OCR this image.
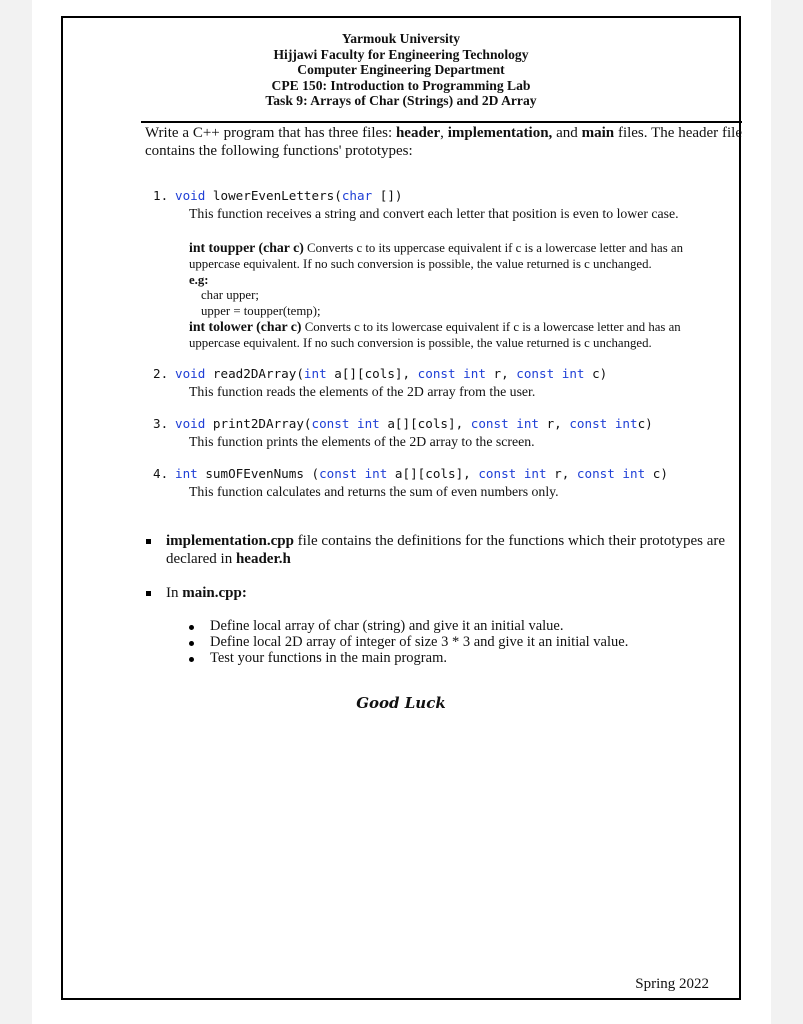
Yarmouk University
Hijjawi Faculty for Engineering Technology
Computer Engineering Department
CPE 150: Introduction to Programming Lab
Task 9: Arrays of Char (Strings) and 2D Array
Write a C++ program that has three files: header, implementation, and main files. The header file contains the following functions' prototypes:
1. void lowerEvenLetters(char [])
This function receives a string and convert each letter that position is even to lower case.
int toupper (char c) Converts c to its uppercase equivalent if c is a lowercase letter and has an uppercase equivalent. If no such conversion is possible, the value returned is c unchanged.
e.g:
char upper;
upper = toupper(temp);
int tolower (char c) Converts c to its lowercase equivalent if c is a lowercase letter and has an uppercase equivalent. If no such conversion is possible, the value returned is c unchanged.
2. void read2DArray(int a[][cols], const int r, const int c)
This function reads the elements of the 2D array from the user.
3. void print2DArray(const int a[][cols], const int r, const intc)
This function prints the elements of the 2D array to the screen.
4. int sumOFEvenNums (const int a[][cols], const int r, const int c)
This function calculates and returns the sum of even numbers only.
implementation.cpp file contains the definitions for the functions which their prototypes are declared in header.h
In main.cpp:
Define local array of char (string) and give it an initial value.
Define local 2D array of integer of size 3 * 3 and give it an initial value.
Test your functions in the main program.
Good Luck
Spring 2022
